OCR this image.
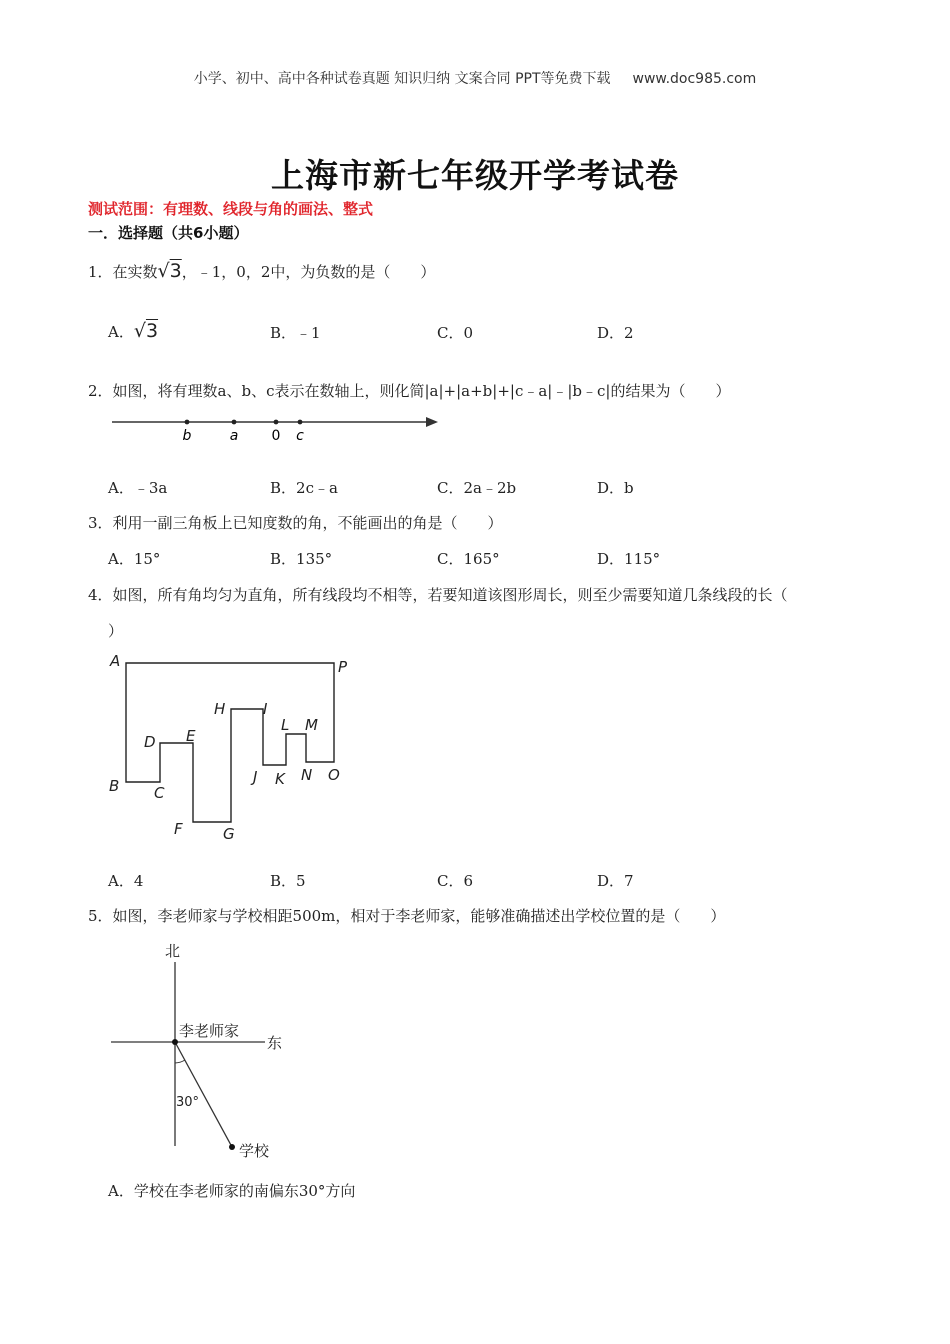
小学、初中、高中各种试卷真题 知识归纳 文案合同 PPT等免费下载 www.doc985.com
上海市新七年级开学考试卷
测试范围：有理数、线段与角的画法、整式
一．选择题（共6小题）
1．在实数√3，﹣1，0，2中，为负数的是（　　）
A．√3	B．﹣1	C．0	D．2
2．如图，将有理数a、b、c表示在数轴上，则化简|a|+|a+b|+|c﹣a|﹣|b﹣c|的结果为（　　）
b	a 0 c
A．﹣3a	B．2c﹣a	C．2a﹣2b	D．b
3．利用一副三角板上已知度数的角，不能画出的角是（　　）
A．15°	B．135°	C．165°	D．115°
4．如图，所有角均匀为直角，所有线段均不相等，若要知道该图形周长，则至少需要知道几条线段的长（
）
A	P
B C
D E
F	G
H	I
J K
L M
N O
A．4	B．5	C．6	D．7
5．如图，李老师家与学校相距500m，相对于李老师家，能够准确描述出学校位置的是（　　）
北
东
李老师家
30°
学校
A．学校在李老师家的南偏东30°方向
